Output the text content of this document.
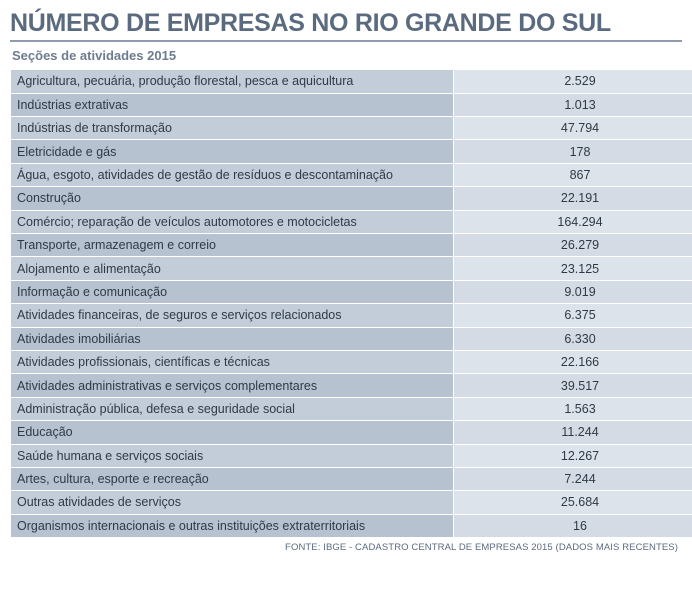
NÚMERO DE EMPRESAS NO RIO GRANDE DO SUL
Seções de atividades 2015
Agricultura, pecuária, produção florestal, pesca e aquicultura	2.529
Indústrias extrativas	1.013
Indústrias de transformação	47.794
Eletricidade e gás	178
Água, esgoto, atividades de gestão de resíduos e descontaminação	867
Construção	22.191
Comércio; reparação de veículos automotores e motocicletas	164.294
Transporte, armazenagem e correio	26.279
Alojamento e alimentação	23.125
Informação e comunicação	9.019
Atividades financeiras, de seguros e serviços relacionados	6.375
Atividades imobiliárias	6.330
Atividades profissionais, científicas e técnicas	22.166
Atividades administrativas e serviços complementares	39.517
Administração pública, defesa e seguridade social	1.563
Educação	11.244
Saúde humana e serviços sociais	12.267
Artes, cultura, esporte e recreação	7.244
Outras atividades de serviços	25.684
Organismos internacionais e outras instituições extraterritoriais	16
FONTE: IBGE - CADASTRO CENTRAL DE EMPRESAS 2015 (DADOS MAIS RECENTES)
